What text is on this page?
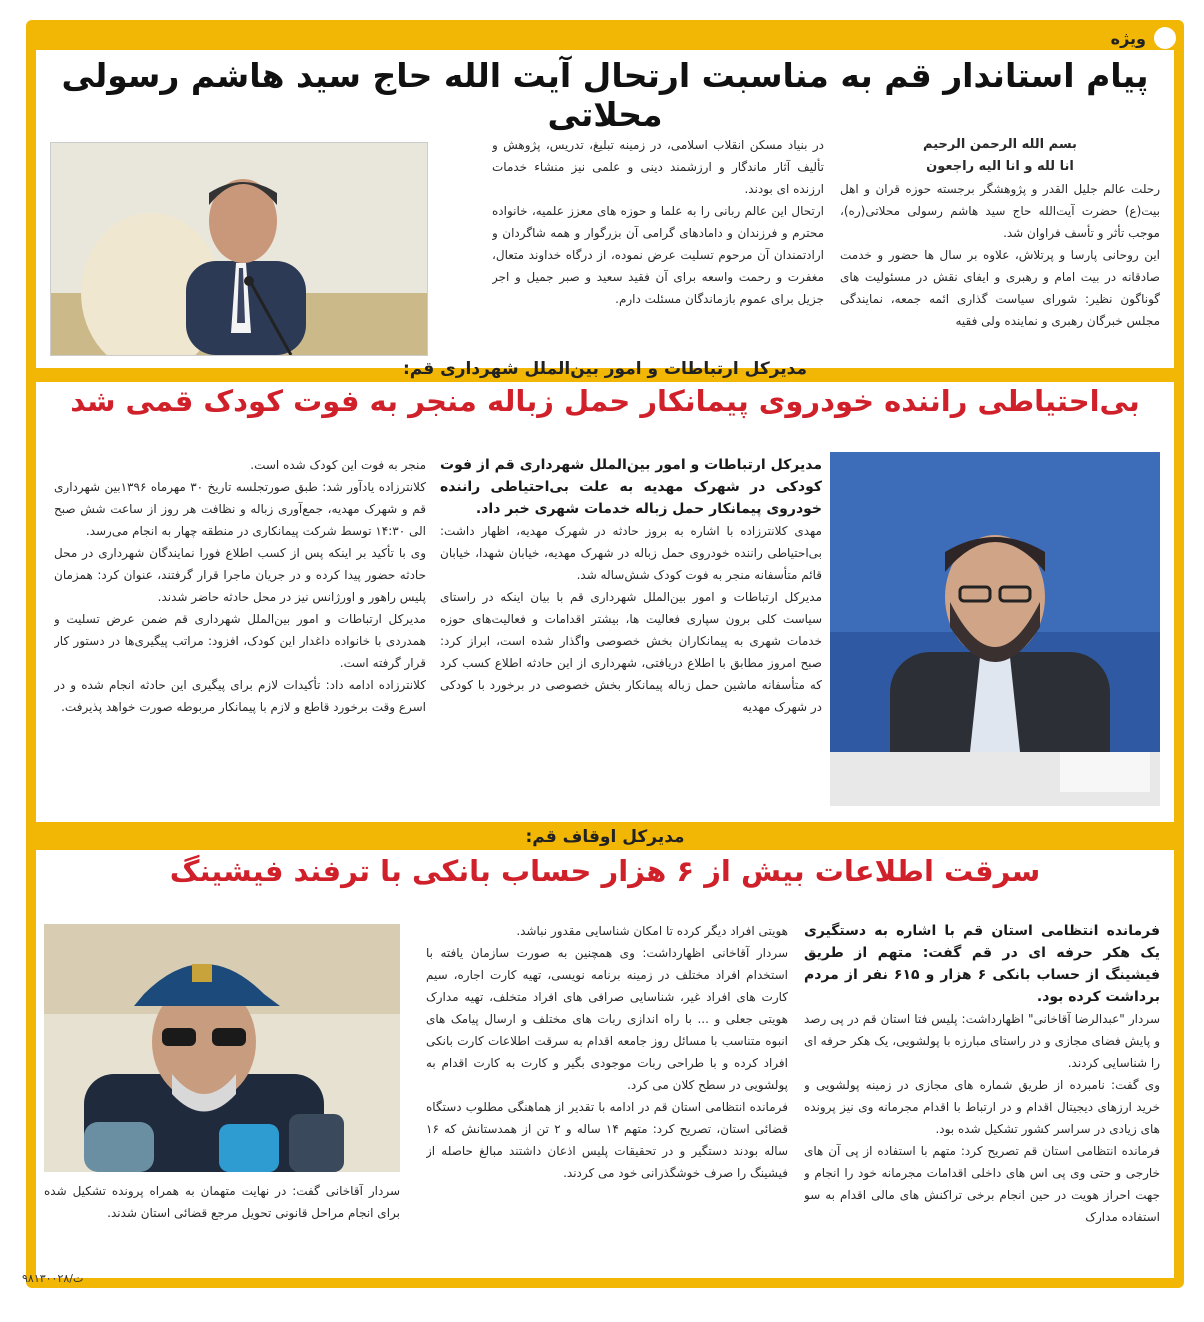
ویژه
پیام استاندار قم به مناسبت ارتحال آیت الله حاج سید هاشم رسولی محلاتی

بسم الله الرحمن الرحیم

انا لله و انا الیه راجعون

رحلت عالم جلیل القدر و پژوهشگر برجسته حوزه قران و اهل بیت(ع) حضرت آیت‌الله حاج سید هاشم رسولی محلاتی(ره)، موجب تأثر و تأسف فراوان شد.

این روحانی پارسا و پرتلاش، علاوه بر سال ها حضور و خدمت صادقانه در بیت امام و رهبری و ایفای نقش در مسئولیت های گوناگون نظیر: شورای سیاست گذاری ائمه جمعه، نمایندگی مجلس خبرگان رهبری و نماینده ولی فقیه

در بنیاد مسکن انقلاب اسلامی، در زمینه تبلیغ، تدریس، پژوهش و تألیف آثار ماندگار و ارزشمند دینی و علمی نیز منشاء خدمات ارزنده ای بودند.

ارتحال این عالم ربانی را به علما و حوزه های معزز علمیه، خانواده محترم و فرزندان و دامادهای گرامی آن بزرگوار و همه شاگردان و ارادتمندان آن مرحوم تسلیت عرض نموده، از درگاه خداوند متعال، مغفرت و رحمت واسعه برای آن فقید سعید و صبر جمیل و اجر جزیل برای عموم بازماندگان مسئلت دارم.

مدیرکل ارتباطات و امور بین‌الملل شهرداری قم:
بی‌احتیاطی راننده خودروی پیمانکار حمل زباله منجر به فوت کودک قمی شد

مدیرکل ارتباطات و امور بین‌الملل شهرداری قم از فوت کودکی در شهرک مهدیه به علت بی‌احتیاطی راننده خودروی پیمانکار حمل زباله خدمات شهری خبر داد.

مهدی کلانترزاده با اشاره به بروز حادثه در شهرک مهدیه، اظهار داشت: بی‌احتیاطی راننده خودروی حمل زباله در شهرک مهدیه، خیابان شهدا، خیابان قائم متأسفانه منجر به فوت کودک شش‌ساله شد.

مدیرکل ارتباطات و امور بین‌الملل شهرداری قم با بیان اینکه در راستای سیاست کلی برون سپاری فعالیت ها، بیشتر اقدامات و فعالیت‌های حوزه خدمات شهری به پیمانکاران بخش خصوصی واگذار شده است، ابراز کرد: صبح امروز مطابق با اطلاع دریافتی، شهرداری از این حادثه اطلاع کسب کرد که متأسفانه ماشین حمل زباله پیمانکار بخش خصوصی در برخورد با کودکی در شهرک مهدیه

منجر به فوت این کودک شده است.

کلانترزاده یادآور شد: طبق صورتجلسه تاریخ ۳۰ مهرماه ۱۳۹۶بین شهرداری قم و شهرک مهدیه، جمع‌آوری زباله و نظافت هر روز از ساعت شش صبح الی ۱۴:۳۰ توسط شرکت پیمانکاری در منطقه چهار به انجام می‌رسد.

وی با تأکید بر اینکه پس از کسب اطلاع فورا نمایندگان شهرداری در محل حادثه حضور پیدا کرده و در جریان ماجرا قرار گرفتند، عنوان کرد: همزمان پلیس راهور و اورژانس نیز در محل حادثه حاضر شدند.

مدیرکل ارتباطات و امور بین‌الملل شهرداری قم ضمن عرض تسلیت و همدردی با خانواده داغدار این کودک، افزود: مراتب پیگیری‌ها در دستور کار قرار گرفته است.

کلانترزاده ادامه داد: تأکیدات لازم برای پیگیری این حادثه انجام شده و در اسرع وقت برخورد قاطع و لازم با پیمانکار مربوطه صورت خواهد پذیرفت.

مدیرکل اوقاف قم:
سرقت اطلاعات بیش از ۶ هزار حساب بانکی با ترفند فیشینگ

فرمانده انتظامی استان قم با اشاره به دستگیری یک هکر حرفه ای در قم گفت: متهم از طریق فیشینگ از حساب بانکی ۶ هزار و ۶۱۵ نفر از مردم برداشت کرده بود.

سردار "عبدالرضا آقاخانی" اظهارداشت: پلیس فتا استان قم در پی رصد و پایش فضای مجازی و در راستای مبارزه با پولشویی، یک هکر حرفه ای را شناسایی کردند.

وی گفت: نامبرده از طریق شماره های مجازی در زمینه پولشویی و خرید ارزهای دیجیتال اقدام و در ارتباط با اقدام مجرمانه وی نیز پرونده های زیادی در سراسر کشور تشکیل شده بود.

فرمانده انتظامی استان قم تصریح کرد: متهم با استفاده از پی آن های خارجی و حتی وی پی اس های داخلی اقدامات مجرمانه خود را انجام و جهت احراز هویت در حین انجام برخی تراکنش های مالی اقدام به سو استفاده مدارک

هویتی افراد دیگر کرده تا امکان شناسایی مقدور نباشد.

سردار آقاخانی اظهارداشت: وی همچنین به صورت سازمان یافته با استخدام افراد مختلف در زمینه برنامه نویسی، تهیه کارت اجاره، سیم کارت های افراد غیر، شناسایی صرافی های افراد متخلف، تهیه مدارک هویتی جعلی و ... با راه اندازی ربات های مختلف و ارسال پیامک های انبوه متناسب با مسائل روز جامعه اقدام به سرقت اطلاعات کارت بانکی افراد کرده و با طراحی ربات موجودی بگیر و کارت به کارت اقدام به پولشویی در سطح کلان می کرد.

فرمانده انتظامی استان قم در ادامه با تقدیر از هماهنگی مطلوب دستگاه قضائی استان، تصریح کرد: متهم ۱۴ ساله و ۲ تن از همدستانش که ۱۶ ساله بودند دستگیر و در تحقیقات پلیس اذعان داشتند مبالغ حاصله از فیشینگ را صرف خوشگذرانی خود می کردند.

سردار آقاخانی گفت: در نهایت متهمان به همراه پرونده تشکیل شده برای انجام مراحل قانونی تحویل مرجع قضائی استان شدند.

ت/۹۸۱۳۰۰۲۸
